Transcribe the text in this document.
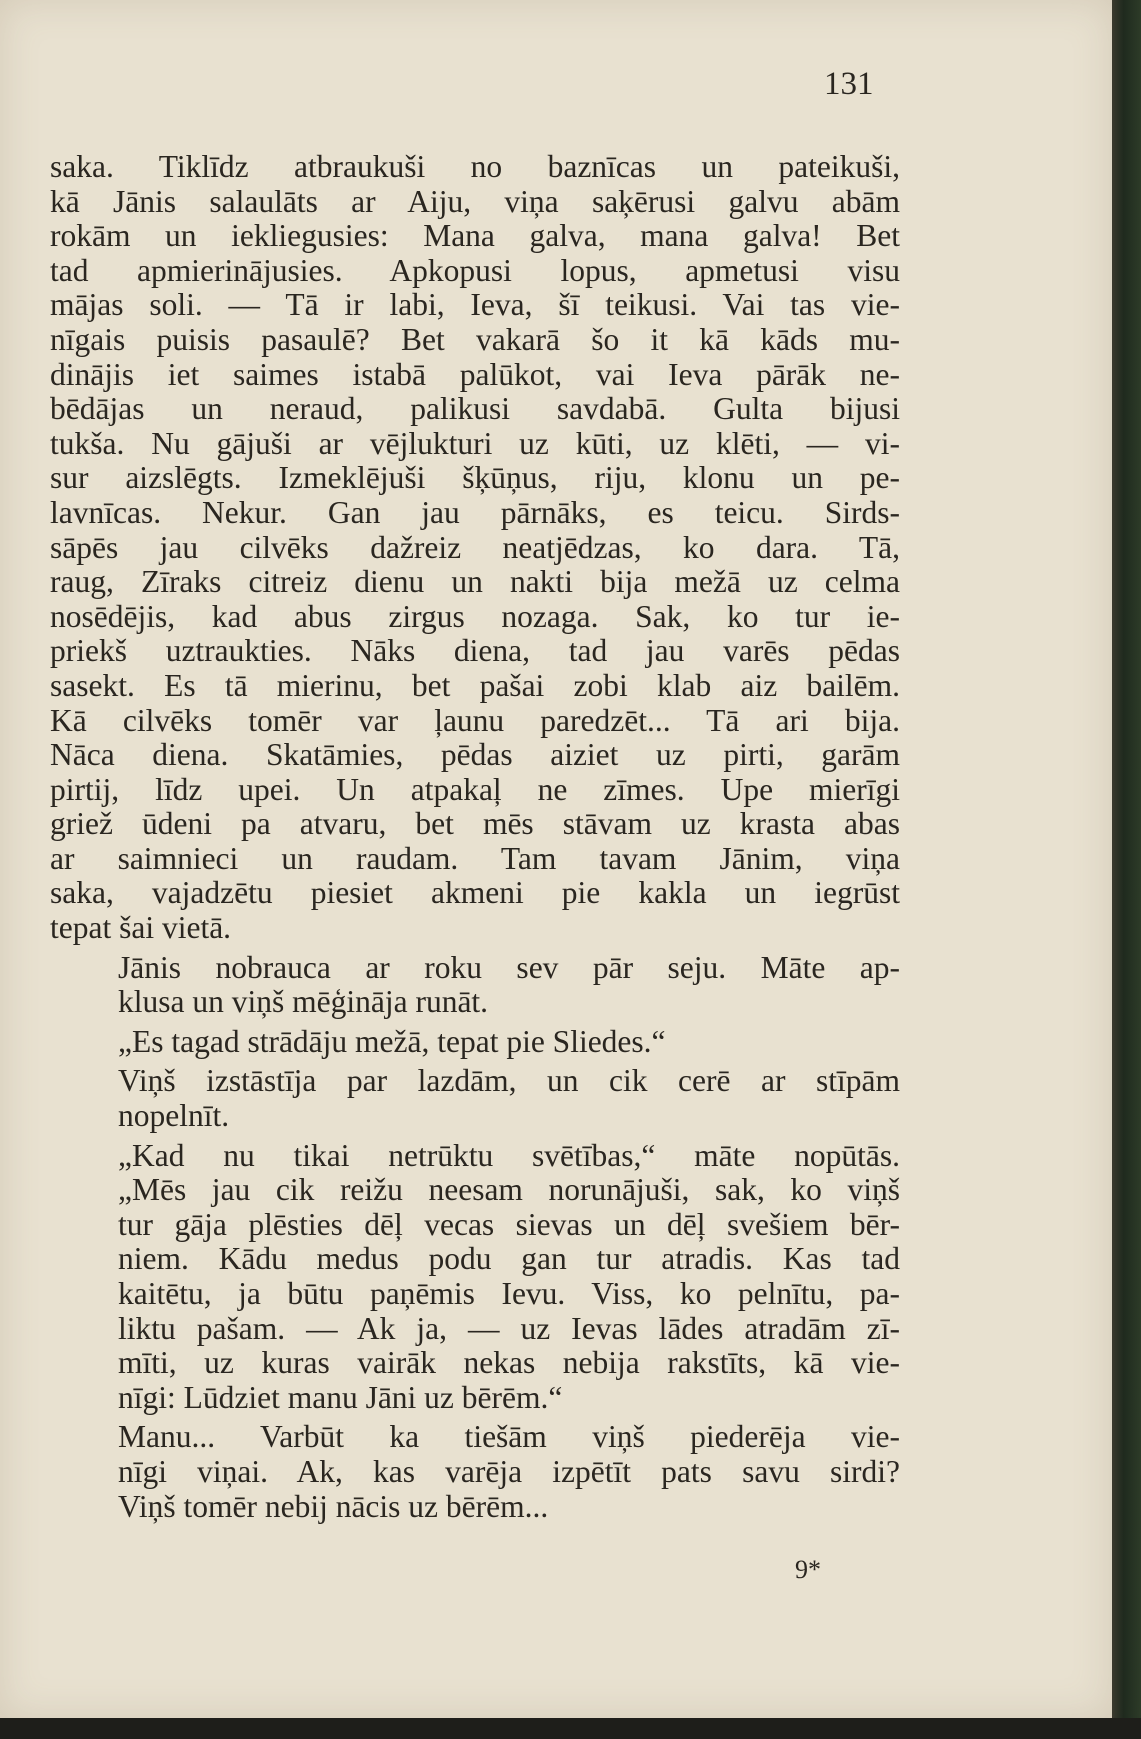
131
saka. Tiklīdz atbraukuši no baznīcas un pateikuši,
kā Jānis salaulāts ar Aiju, viņa saķērusi galvu abām
rokām un iekliegusies: Mana galva, mana galva! Bet
tad apmierinājusies. Apkopusi lopus, apmetusi visu
mājas soli. — Tā ir labi, Ieva, šī teikusi. Vai tas vie-
nīgais puisis pasaulē? Bet vakarā šo it kā kāds mu-
dinājis iet saimes istabā palūkot, vai Ieva pārāk ne-
bēdājas un neraud, palikusi savdabā. Gulta bijusi
tukša. Nu gājuši ar vējlukturi uz kūti, uz klēti, — vi-
sur aizslēgts. Izmeklējuši šķūņus, riju, klonu un pe-
lavnīcas. Nekur. Gan jau pārnāks, es teicu. Sirds-
sāpēs jau cilvēks dažreiz neatjēdzas, ko dara. Tā,
raug, Zīraks citreiz dienu un nakti bija mežā uz celma
nosēdējis, kad abus zirgus nozaga. Sak, ko tur ie-
priekš uztraukties. Nāks diena, tad jau varēs pēdas
sasekt. Es tā mierinu, bet pašai zobi klab aiz bailēm.
Kā cilvēks tomēr var ļaunu paredzēt... Tā ari bija.
Nāca diena. Skatāmies, pēdas aiziet uz pirti, garām
pirtij, līdz upei. Un atpakaļ ne zīmes. Upe mierīgi
griež ūdeni pa atvaru, bet mēs stāvam uz krasta abas
ar saimnieci un raudam. Tam tavam Jānim, viņa
saka, vajadzētu piesiet akmeni pie kakla un iegrūst
tepat šai vietā.
Jānis nobrauca ar roku sev pār seju. Māte ap-
klusa un viņš mēģināja runāt.
„Es tagad strādāju mežā, tepat pie Sliedes.“
Viņš izstāstīja par lazdām, un cik cerē ar stīpām
nopelnīt.
„Kad nu tikai netrūktu svētības,“ māte nopūtās.
„Mēs jau cik reižu neesam norunājuši, sak, ko viņš
tur gāja plēsties dēļ vecas sievas un dēļ svešiem bēr-
niem. Kādu medus podu gan tur atradis. Kas tad
kaitētu, ja būtu paņēmis Ievu. Viss, ko pelnītu, pa-
liktu pašam. — Ak ja, — uz Ievas lādes atradām zī-
mīti, uz kuras vairāk nekas nebija rakstīts, kā vie-
nīgi: Lūdziet manu Jāni uz bērēm.“
Manu... Varbūt ka tiešām viņš piederēja vie-
nīgi viņai. Ak, kas varēja izpētīt pats savu sirdi?
Viņš tomēr nebij nācis uz bērēm...
9*
